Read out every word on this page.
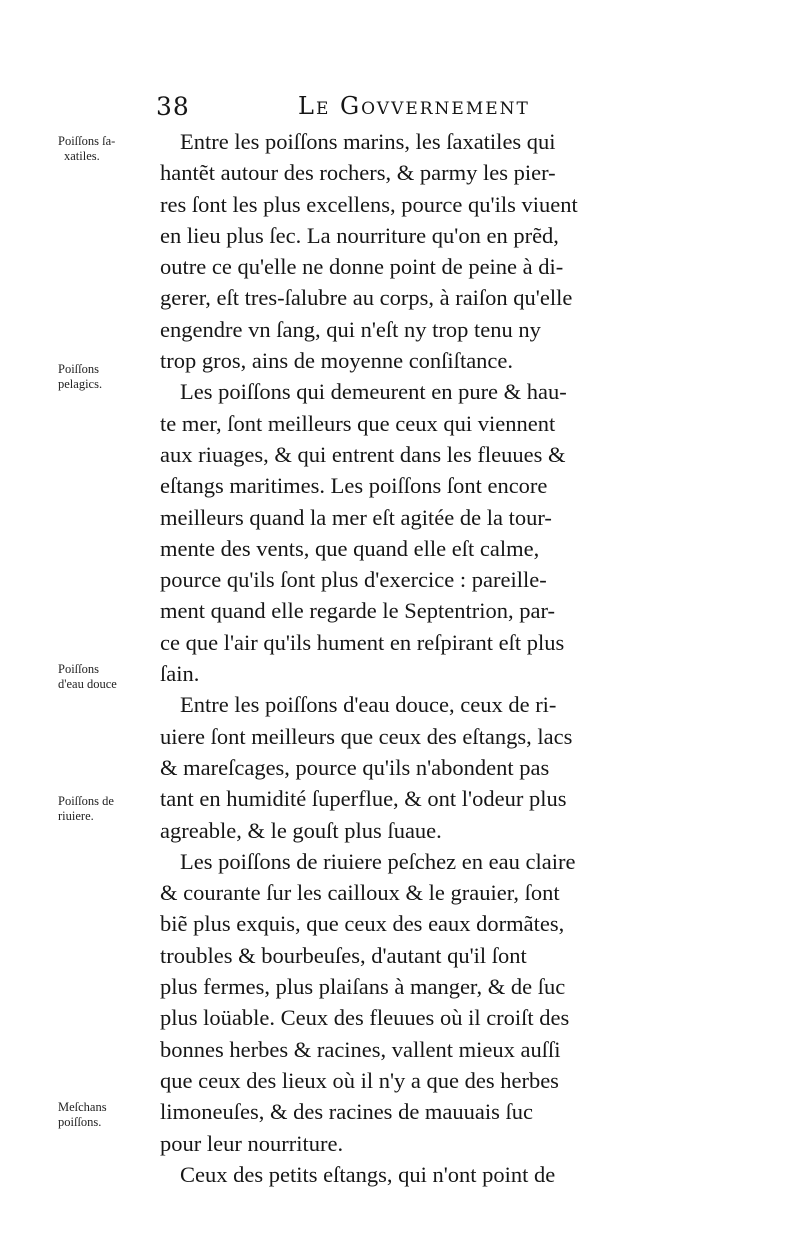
38	Le Govvernement
Poiſſons ſa-
xatiles.
Poiſſons
pelagics.
Poiſſons
d'eau douce
Poiſſons de
riuiere.
Meſchans
poiſſons.
Entre les poiſſons marins, les ſaxatiles qui
hantẽt autour des rochers, & parmy les pier-
res ſont les plus excellens, pource qu'ils viuent
en lieu plus ſec. La nourriture qu'on en prẽd,
outre ce qu'elle ne donne point de peine à di-
gerer, eſt tres-ſalubre au corps, à raiſon qu'elle
engendre vn ſang, qui n'eſt ny trop tenu ny
trop gros, ains de moyenne conſiſtance.
Les poiſſons qui demeurent en pure & hau-
te mer, ſont meilleurs que ceux qui viennent
aux riuages, & qui entrent dans les fleuues &
eſtangs maritimes. Les poiſſons ſont encore
meilleurs quand la mer eſt agitée de la tour-
mente des vents, que quand elle eſt calme,
pource qu'ils ſont plus d'exercice : pareille-
ment quand elle regarde le Septentrion, par-
ce que l'air qu'ils hument en reſpirant eſt plus
ſain.
Entre les poiſſons d'eau douce, ceux de ri-
uiere ſont meilleurs que ceux des eſtangs, lacs
& mareſcages, pource qu'ils n'abondent pas
tant en humidité ſuperflue, & ont l'odeur plus
agreable, & le gouſt plus ſuaue.
Les poiſſons de riuiere peſchez en eau claire
& courante ſur les cailloux & le grauier, ſont
biẽ plus exquis, que ceux des eaux dormãtes,
troubles & bourbeuſes, d'autant qu'il ſont
plus fermes, plus plaiſans à manger, & de ſuc
plus loüable. Ceux des fleuues où il croiſt des
bonnes herbes & racines, vallent mieux auſſi
que ceux des lieux où il n'y a que des herbes
limoneuſes, & des racines de mauuais ſuc
pour leur nourriture.
Ceux des petits eſtangs, qui n'ont point de
